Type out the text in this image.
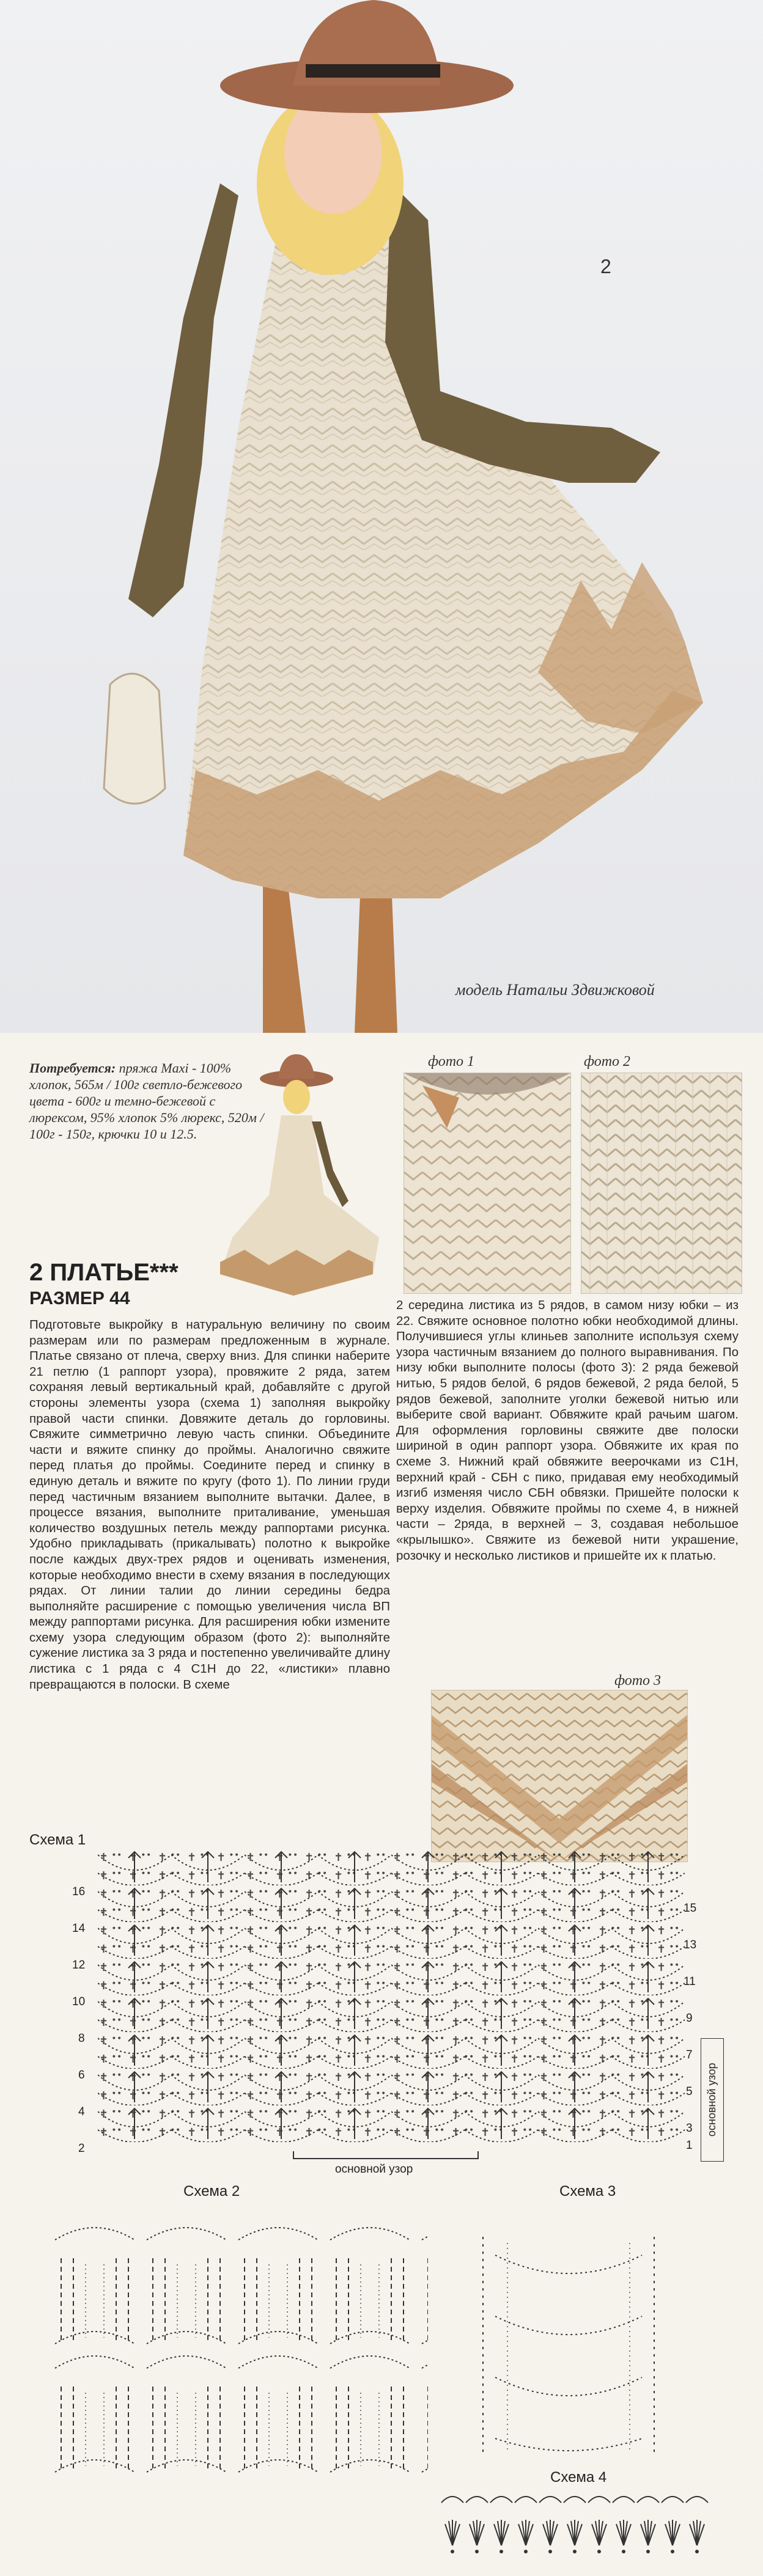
2
модель Натальи Здвижковой
Потребуется: пряжа Maxi - 100% хлопок, 565м / 100г светло-бежевого цвета - 600г и темно-бежевой с люрексом, 95% хлопок 5% люрекс, 520м / 100г - 150г, крючки 10 и 12.5.
2 ПЛАТЬЕ***
РАЗМЕР 44
Подготовьте выкройку в натуральную величину по своим размерам или по размерам предложенным в журнале. Платье связано от плеча, сверху вниз. Для спинки наберите 21 петлю (1 раппорт узора), провяжите 2 ряда, затем сохраняя левый вертикальный край, добавляйте с другой стороны элементы узора (схема 1) заполняя выкройку правой части спинки. Довяжите деталь до горловины. Свяжите симметрично левую часть спинки. Объедините части и вяжите спинку до проймы. Аналогично свяжите перед платья до проймы. Соедините перед и спинку в единую деталь и вяжите по кругу (фото 1). По линии груди перед частичным вязанием выполните вытачки. Далее, в процессе вязания, выполните приталивание, уменьшая количество воздушных петель между раппортами рисунка. Удобно прикладывать (прикалывать) полотно к выкройке после каждых двух-трех рядов и оценивать изменения, которые необходимо внести в схему вязания в последующих рядах. От линии талии до линии середины бедра выполняйте расширение с помощью увеличения числа ВП между раппортами рисунка. Для расширения юбки измените схему узора следующим образом (фото 2): выполняйте сужение листика за 3 ряда и постепенно увеличивайте длину листика с 1 ряда с 4 С1Н до 22, «листики» плавно превращаются в полоски. В схеме
фото 1	фото 2
2 середина листика из 5 рядов, в самом низу юбки – из 22. Свяжите основное полотно юбки необходимой длины. Получившиеся углы клиньев заполните используя схему узора частичным вязанием до полного выравнивания. По низу юбки выполните полосы (фото 3): 2 ряда бежевой нитью, 5 рядов белой, 6 рядов бежевой, 2 ряда белой, 5 рядов бежевой, заполните уголки бежевой нитью или выберите свой вариант. Обвяжите край рачьим шагом. Для оформления горловины свяжите две полоски шириной в один раппорт узора. Обвяжите их края по схеме 3. Нижний край обвяжите веерочками из С1Н, верхний край - СБН с пико, придавая ему необходимый изгиб изменяя число СБН обвязки. Пришейте полоски к верху изделия. Обвяжите проймы по схеме 4, в нижней части – 2ряда, в верхней – 3, создавая небольшое «крылышко». Свяжите из бежевой нити украшение, розочку и несколько листиков и пришейте их к платью.
фото 3
Схема 1
16
14
12
10
8
6
4
2
15
13
11
9
7
5
3
1
основной узор
основной узор
Схема 2	Схема 3
Схема 4
